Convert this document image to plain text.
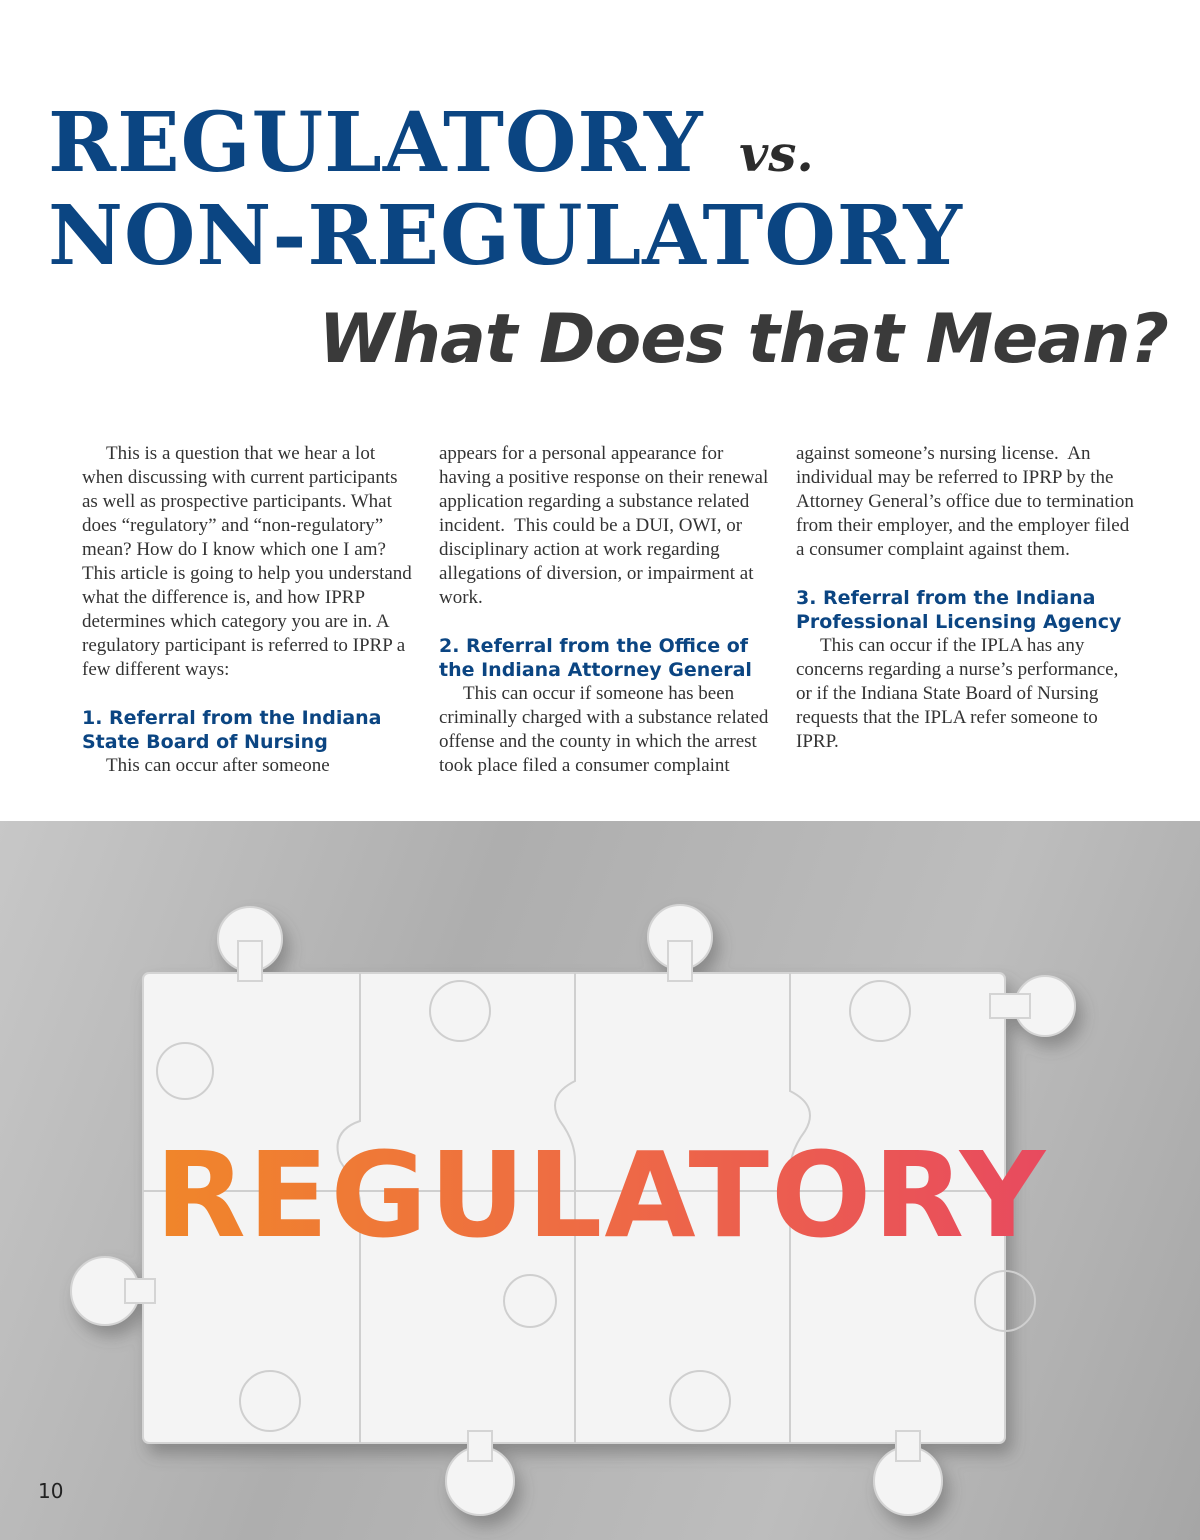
REGULATORY vs.
NON-REGULATORY
What Does that Mean?

This is a question that we hear a lot when discussing with current participants as well as prospective participants. What does “regulatory” and “non-regulatory” mean? How do I know which one I am? This article is going to help you understand what the difference is, and how IPRP determines which category you are in. A regulatory participant is referred to IPRP a few different ways:

1. Referral from the Indiana State Board of Nursing

This can occur after someone

appears for a personal appearance for having a positive response on their renewal application regarding a substance related incident.  This could be a DUI, OWI, or disciplinary action at work regarding allegations of diversion, or impairment at work.

2. Referral from the Office of the Indiana Attorney General

This can occur if someone has been criminally charged with a substance related offense and the county in which the arrest took place filed a consumer complaint

against someone’s nursing license.  An individual may be referred to IPRP by the Attorney General’s office due to termination from their employer, and the employer filed a consumer complaint against them.

3. Referral from the Indiana Professional Licensing Agency

This can occur if the IPLA has any concerns regarding a nurse’s performance, or if the Indiana State Board of Nursing requests that the IPLA refer someone to IPRP.

REGULATORY

10
